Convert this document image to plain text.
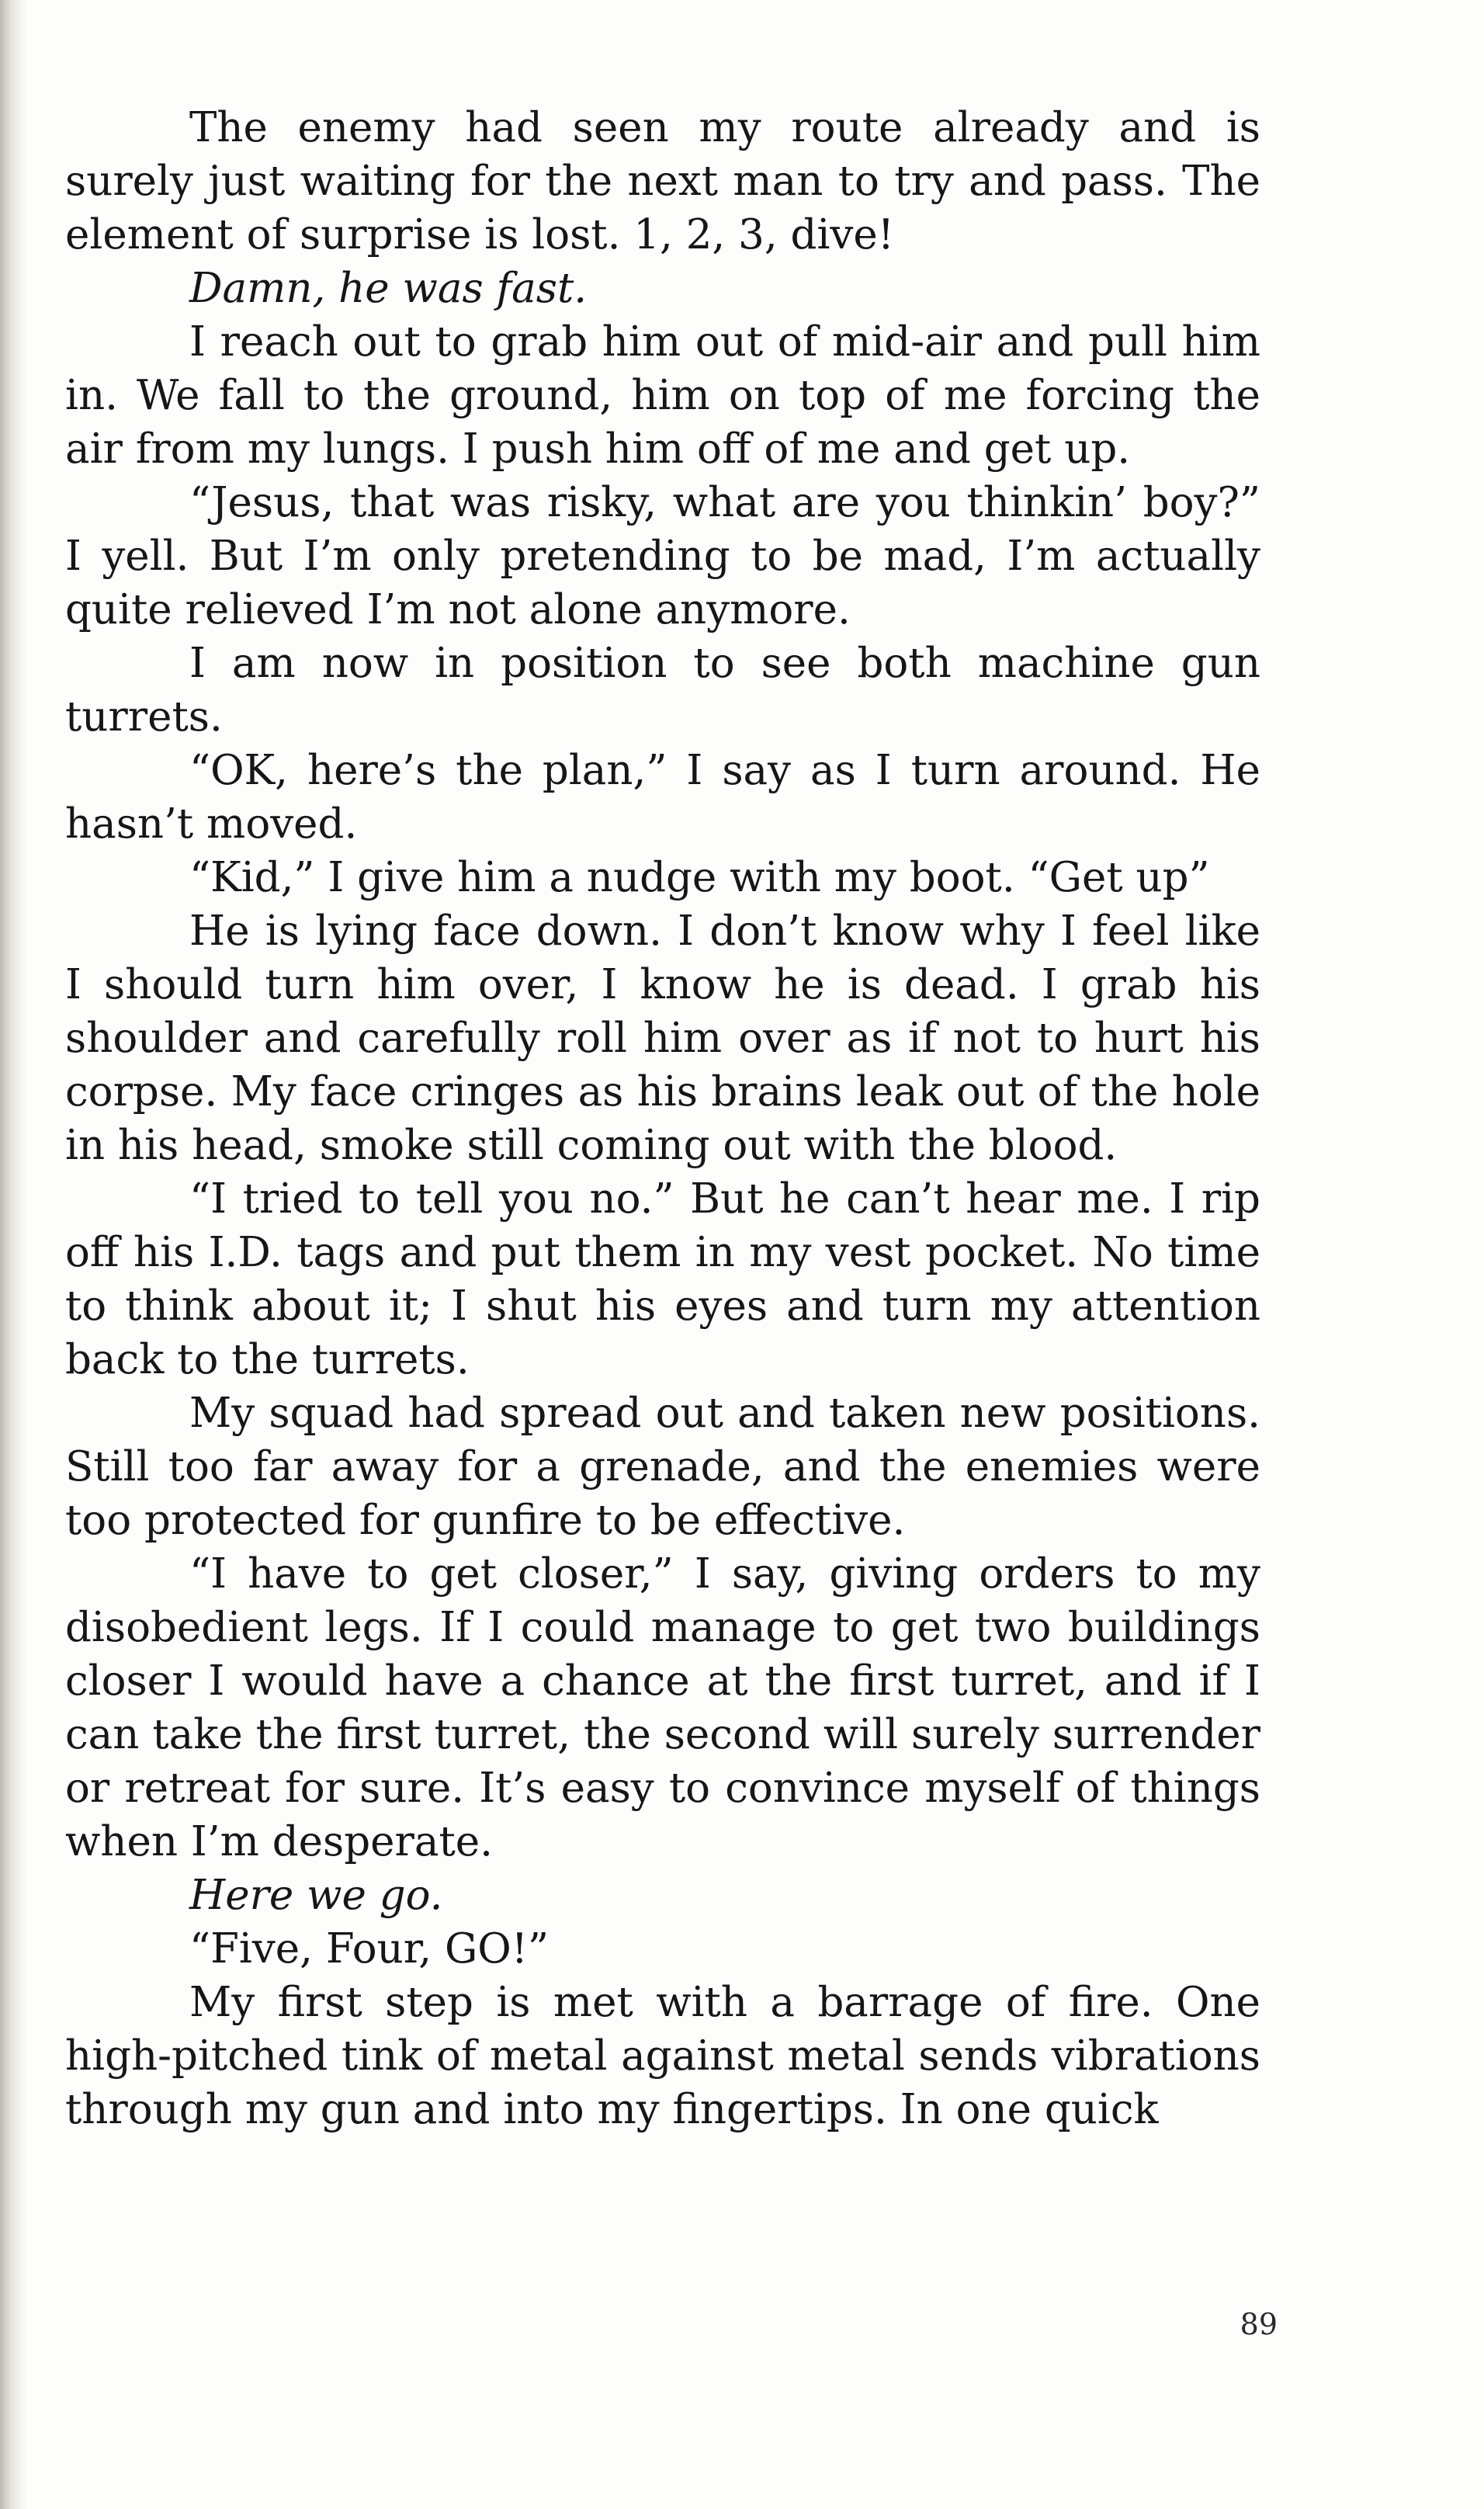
The enemy had seen my route already and is surely just waiting for the next man to try and pass. The element of surprise is lost. 1, 2, 3, dive!

Damn, he was fast.

I reach out to grab him out of mid-air and pull him in. We fall to the ground, him on top of me forcing the air from my lungs. I push him off of me and get up.

“Jesus, that was risky, what are you thinkin’ boy?” I yell. But I’m only pretending to be mad, I’m actually quite relieved I’m not alone anymore.

I am now in position to see both machine gun turrets.

“OK, here’s the plan,” I say as I turn around. He hasn’t moved.

“Kid,” I give him a nudge with my boot. “Get up”

He is lying face down. I don’t know why I feel like I should turn him over, I know he is dead. I grab his shoulder and carefully roll him over as if not to hurt his corpse. My face cringes as his brains leak out of the hole in his head, smoke still coming out with the blood.

“I tried to tell you no.” But he can’t hear me. I rip off his I.D. tags and put them in my vest pocket. No time to think about it; I shut his eyes and turn my attention back to the turrets.

My squad had spread out and taken new positions. Still too far away for a grenade, and the enemies were too protected for gunfire to be effective.

“I have to get closer,” I say, giving orders to my disobedient legs. If I could manage to get two buildings closer I would have a chance at the first turret, and if I can take the first turret, the second will surely surrender or retreat for sure. It’s easy to convince myself of things when I’m desperate.

Here we go.

“Five, Four, GO!”

My first step is met with a barrage of fire. One high-pitched tink of metal against metal sends vibrations through my gun and into my fingertips. In one quick

89
